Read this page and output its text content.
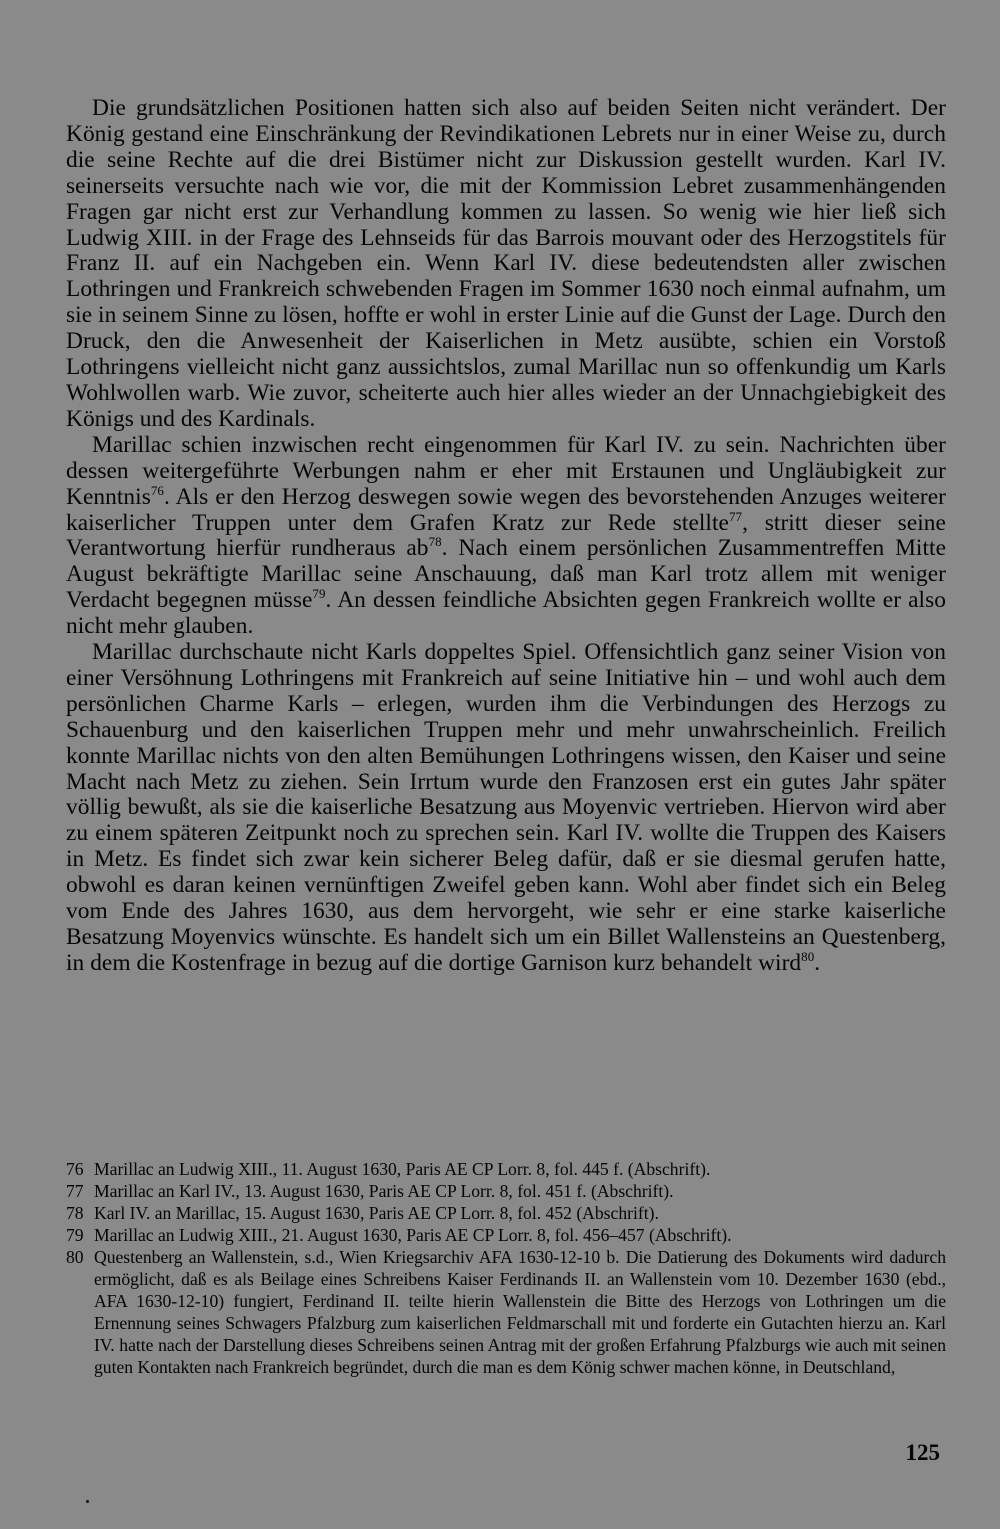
Die grundsätzlichen Positionen hatten sich also auf beiden Seiten nicht verändert. Der König gestand eine Einschränkung der Revindikationen Lebrets nur in einer Weise zu, durch die seine Rechte auf die drei Bistümer nicht zur Diskussion gestellt wurden. Karl IV. seinerseits versuchte nach wie vor, die mit der Kommission Lebret zusammenhängenden Fragen gar nicht erst zur Verhandlung kommen zu lassen. So wenig wie hier ließ sich Ludwig XIII. in der Frage des Lehnseids für das Barrois mouvant oder des Herzogstitels für Franz II. auf ein Nachgeben ein. Wenn Karl IV. diese bedeutendsten aller zwischen Lothringen und Frankreich schwebenden Fragen im Sommer 1630 noch einmal aufnahm, um sie in seinem Sinne zu lösen, hoffte er wohl in erster Linie auf die Gunst der Lage. Durch den Druck, den die Anwesenheit der Kaiserlichen in Metz ausübte, schien ein Vorstoß Lothringens vielleicht nicht ganz aussichtslos, zumal Marillac nun so offenkundig um Karls Wohlwollen warb. Wie zuvor, scheiterte auch hier alles wieder an der Unnachgiebigkeit des Königs und des Kardinals.

Marillac schien inzwischen recht eingenommen für Karl IV. zu sein. Nachrichten über dessen weitergeführte Werbungen nahm er eher mit Erstaunen und Ungläubigkeit zur Kenntnis$^{76}$. Als er den Herzog deswegen sowie wegen des bevorstehenden Anzuges weiterer kaiserlicher Truppen unter dem Grafen Kratz zur Rede stellte$^{77}$, stritt dieser seine Verantwortung hierfür rundheraus ab$^{78}$. Nach einem persönlichen Zusammentreffen Mitte August bekräftigte Marillac seine Anschauung, daß man Karl trotz allem mit weniger Verdacht begegnen müsse$^{79}$. An dessen feindliche Absichten gegen Frankreich wollte er also nicht mehr glauben.

Marillac durchschaute nicht Karls doppeltes Spiel. Offensichtlich ganz seiner Vision von einer Versöhnung Lothringens mit Frankreich auf seine Initiative hin – und wohl auch dem persönlichen Charme Karls – erlegen, wurden ihm die Verbindungen des Herzogs zu Schauenburg und den kaiserlichen Truppen mehr und mehr unwahrscheinlich. Freilich konnte Marillac nichts von den alten Bemühungen Lothringens wissen, den Kaiser und seine Macht nach Metz zu ziehen. Sein Irrtum wurde den Franzosen erst ein gutes Jahr später völlig bewußt, als sie die kaiserliche Besatzung aus Moyenvic vertrieben. Hiervon wird aber zu einem späteren Zeitpunkt noch zu sprechen sein. Karl IV. wollte die Truppen des Kaisers in Metz. Es findet sich zwar kein sicherer Beleg dafür, daß er sie diesmal gerufen hatte, obwohl es daran keinen vernünftigen Zweifel geben kann. Wohl aber findet sich ein Beleg vom Ende des Jahres 1630, aus dem hervorgeht, wie sehr er eine starke kaiserliche Besatzung Moyenvics wünschte. Es handelt sich um ein Billet Wallensteins an Questenberg, in dem die Kostenfrage in bezug auf die dortige Garnison kurz behandelt wird$^{80}$.

76 Marillac an Ludwig XIII., 11. August 1630, Paris AE CP Lorr. 8, fol. 445 f. (Abschrift).
77 Marillac an Karl IV., 13. August 1630, Paris AE CP Lorr. 8, fol. 451 f. (Abschrift).
78 Karl IV. an Marillac, 15. August 1630, Paris AE CP Lorr. 8, fol. 452 (Abschrift).
79 Marillac an Ludwig XIII., 21. August 1630, Paris AE CP Lorr. 8, fol. 456–457 (Abschrift).
80 Questenberg an Wallenstein, s.d., Wien Kriegsarchiv AFA 1630-12-10 b. Die Datierung des Dokuments wird dadurch ermöglicht, daß es als Beilage eines Schreibens Kaiser Ferdinands II. an Wallenstein vom 10. Dezember 1630 (ebd., AFA 1630-12-10) fungiert, Ferdinand II. teilte hierin Wallenstein die Bitte des Herzogs von Lothringen um die Ernennung seines Schwagers Pfalzburg zum kaiserlichen Feldmarschall mit und forderte ein Gutachten hierzu an. Karl IV. hatte nach der Darstellung dieses Schreibens seinen Antrag mit der großen Erfahrung Pfalzburgs wie auch mit seinen guten Kontakten nach Frankreich begründet, durch die man es dem König schwer machen könne, in Deutschland,
125
